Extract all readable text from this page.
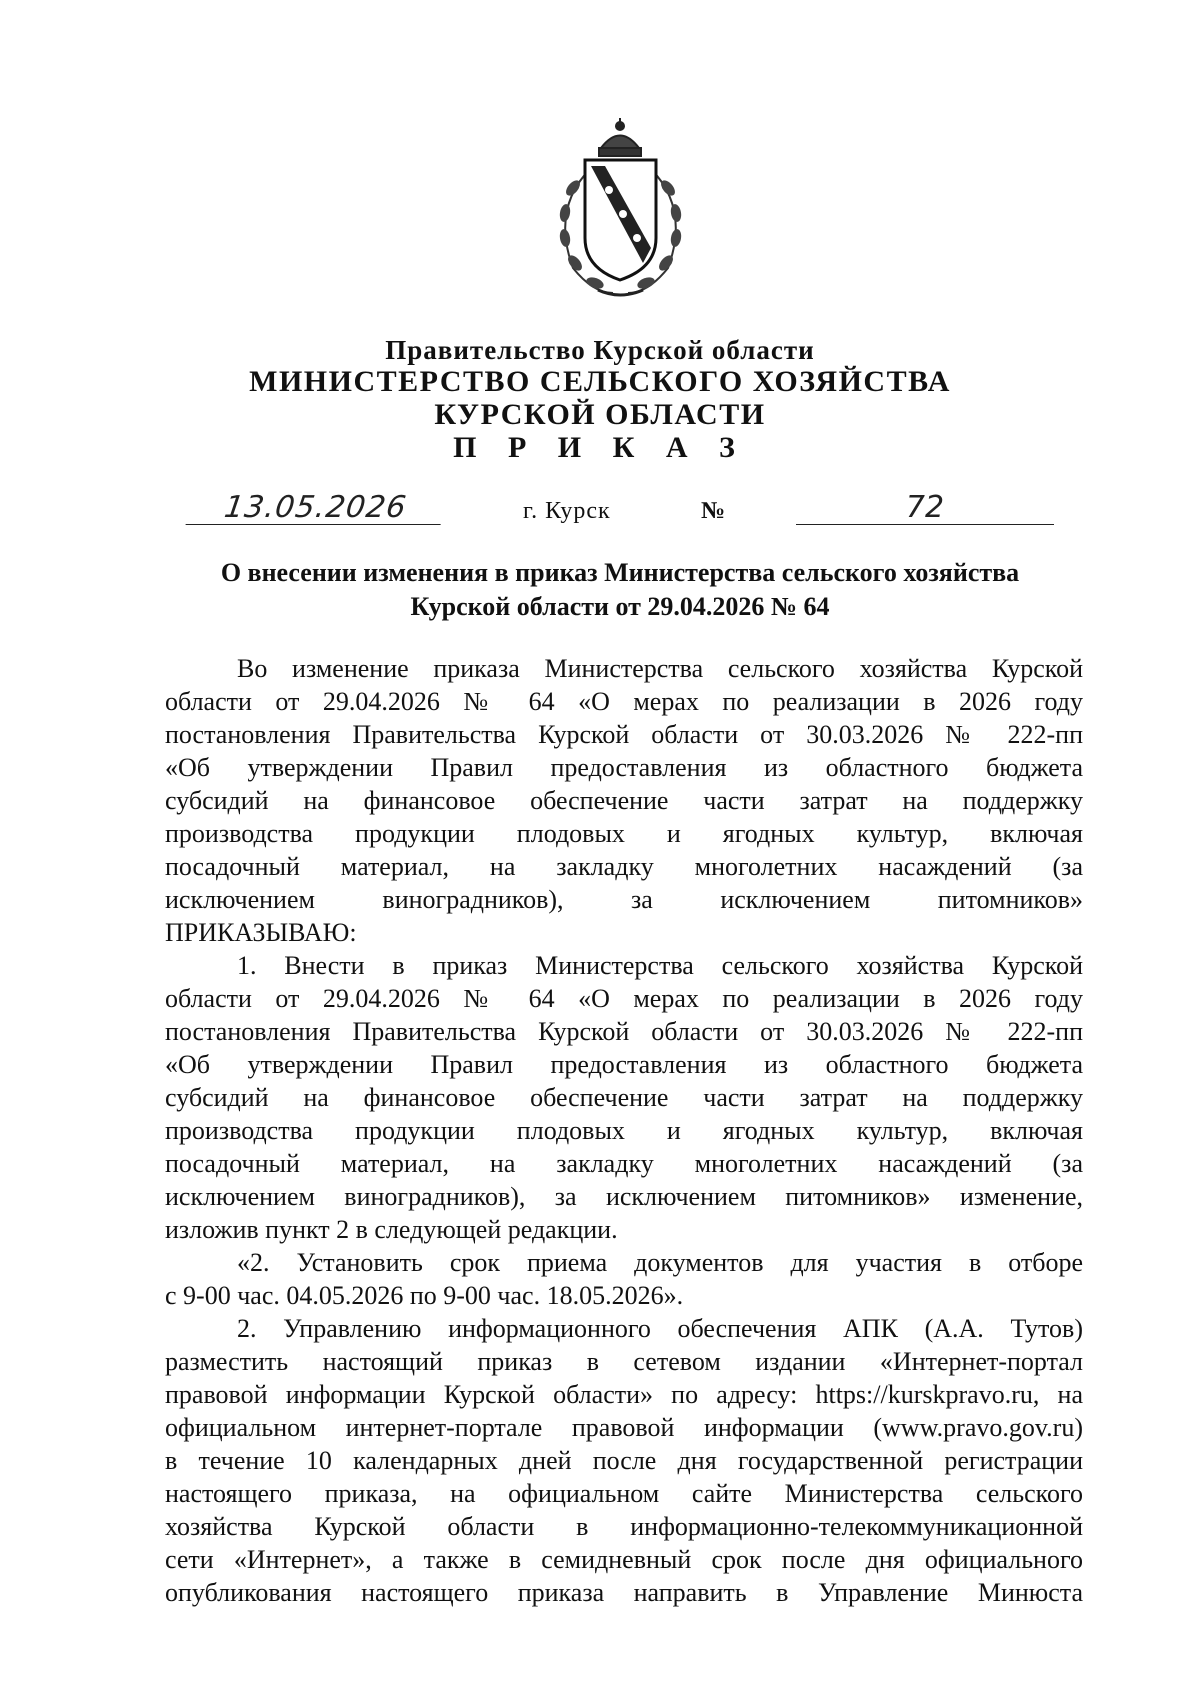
Правительство Курской области
МИНИСТЕРСТВО СЕЛЬСКОГО ХОЗЯЙСТВА
КУРСКОЙ ОБЛАСТИ
П Р И К А З
13.05.2026	г. Курск	№	72
О внесении изменения в приказ Министерства сельского хозяйства
Курской области от 29.04.2026 № 64
Во изменение приказа Министерства сельского хозяйства Курской
области от 29.04.2026 № 64 «О мерах по реализации в 2026 году
постановления Правительства Курской области от 30.03.2026 № 222-пп
«Об утверждении Правил предоставления из областного бюджета
субсидий на финансовое обеспечение части затрат на поддержку
производства продукции плодовых и ягодных культур, включая
посадочный материал, на закладку многолетних насаждений (за
исключением виноградников), за исключением питомников»
ПРИКАЗЫВАЮ:
1. Внести в приказ Министерства сельского хозяйства Курской
области от 29.04.2026 № 64 «О мерах по реализации в 2026 году
постановления Правительства Курской области от 30.03.2026 № 222-пп
«Об утверждении Правил предоставления из областного бюджета
субсидий на финансовое обеспечение части затрат на поддержку
производства продукции плодовых и ягодных культур, включая
посадочный материал, на закладку многолетних насаждений (за
исключением виноградников), за исключением питомников» изменение,
изложив пункт 2 в следующей редакции.
«2. Установить срок приема документов для участия в отборе
с 9-00 час. 04.05.2026 по 9-00 час. 18.05.2026».
2. Управлению информационного обеспечения АПК (А.А. Тутов)
разместить настоящий приказ в сетевом издании «Интернет-портал
правовой информации Курской области» по адресу: https://kurskpravo.ru, на
официальном интернет-портале правовой информации (www.pravo.gov.ru)
в течение 10 календарных дней после дня государственной регистрации
настоящего приказа, на официальном сайте Министерства сельского
хозяйства Курской области в информационно-телекоммуникационной
сети «Интернет», а также в семидневный срок после дня официального
опубликования настоящего приказа направить в Управление Минюста
